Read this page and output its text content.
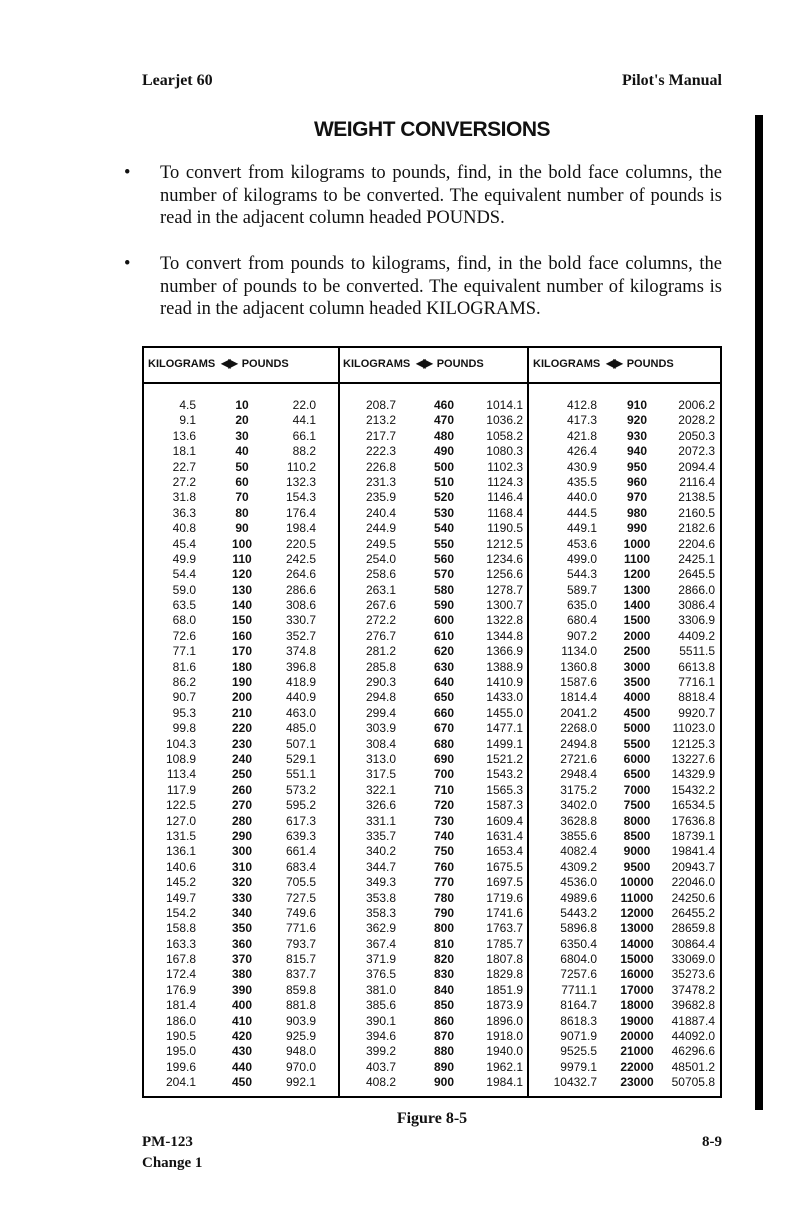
Learjet 60	Pilot's Manual
WEIGHT CONVERSIONS
• To convert from kilograms to pounds, find, in the bold face columns, the number of kilograms to be converted. The equivalent number of pounds is read in the adjacent column headed POUNDS.
• To convert from pounds to kilograms, find, in the bold face columns, the number of pounds to be converted. The equivalent number of kilograms is read in the adjacent column headed KILOGRAMS.
KILOGRAMS ◀▶ POUNDS	KILOGRAMS ◀▶ POUNDS	KILOGRAMS ◀▶ POUNDS
4.5	10	22.0
9.1	20	44.1
13.6	30	66.1
18.1	40	88.2
22.7	50	110.2
27.2	60	132.3
31.8	70	154.3
36.3	80	176.4
40.8	90	198.4
45.4	100	220.5
49.9	110	242.5
54.4	120	264.6
59.0	130	286.6
63.5	140	308.6
68.0	150	330.7
72.6	160	352.7
77.1	170	374.8
81.6	180	396.8
86.2	190	418.9
90.7	200	440.9
95.3	210	463.0
99.8	220	485.0
104.3	230	507.1
108.9	240	529.1
113.4	250	551.1
117.9	260	573.2
122.5	270	595.2
127.0	280	617.3
131.5	290	639.3
136.1	300	661.4
140.6	310	683.4
145.2	320	705.5
149.7	330	727.5
154.2	340	749.6
158.8	350	771.6
163.3	360	793.7
167.8	370	815.7
172.4	380	837.7
176.9	390	859.8
181.4	400	881.8
186.0	410	903.9
190.5	420	925.9
195.0	430	948.0
199.6	440	970.0
204.1	450	992.1
208.7	460	1014.1
213.2	470	1036.2
217.7	480	1058.2
222.3	490	1080.3
226.8	500	1102.3
231.3	510	1124.3
235.9	520	1146.4
240.4	530	1168.4
244.9	540	1190.5
249.5	550	1212.5
254.0	560	1234.6
258.6	570	1256.6
263.1	580	1278.7
267.6	590	1300.7
272.2	600	1322.8
276.7	610	1344.8
281.2	620	1366.9
285.8	630	1388.9
290.3	640	1410.9
294.8	650	1433.0
299.4	660	1455.0
303.9	670	1477.1
308.4	680	1499.1
313.0	690	1521.2
317.5	700	1543.2
322.1	710	1565.3
326.6	720	1587.3
331.1	730	1609.4
335.7	740	1631.4
340.2	750	1653.4
344.7	760	1675.5
349.3	770	1697.5
353.8	780	1719.6
358.3	790	1741.6
362.9	800	1763.7
367.4	810	1785.7
371.9	820	1807.8
376.5	830	1829.8
381.0	840	1851.9
385.6	850	1873.9
390.1	860	1896.0
394.6	870	1918.0
399.2	880	1940.0
403.7	890	1962.1
408.2	900	1984.1
412.8	910	2006.2
417.3	920	2028.2
421.8	930	2050.3
426.4	940	2072.3
430.9	950	2094.4
435.5	960	2116.4
440.0	970	2138.5
444.5	980	2160.5
449.1	990	2182.6
453.6	1000	2204.6
499.0	1100	2425.1
544.3	1200	2645.5
589.7	1300	2866.0
635.0	1400	3086.4
680.4	1500	3306.9
907.2	2000	4409.2
1134.0	2500	5511.5
1360.8	3000	6613.8
1587.6	3500	7716.1
1814.4	4000	8818.4
2041.2	4500	9920.7
2268.0	5000	11023.0
2494.8	5500	12125.3
2721.6	6000	13227.6
2948.4	6500	14329.9
3175.2	7000	15432.2
3402.0	7500	16534.5
3628.8	8000	17636.8
3855.6	8500	18739.1
4082.4	9000	19841.4
4309.2	9500	20943.7
4536.0	10000	22046.0
4989.6	11000	24250.6
5443.2	12000	26455.2
5896.8	13000	28659.8
6350.4	14000	30864.4
6804.0	15000	33069.0
7257.6	16000	35273.6
7711.1	17000	37478.2
8164.7	18000	39682.8
8618.3	19000	41887.4
9071.9	20000	44092.0
9525.5	21000	46296.6
9979.1	22000	48501.2
10432.7	23000	50705.8
Figure 8-5
PM-123
Change 1
8-9
